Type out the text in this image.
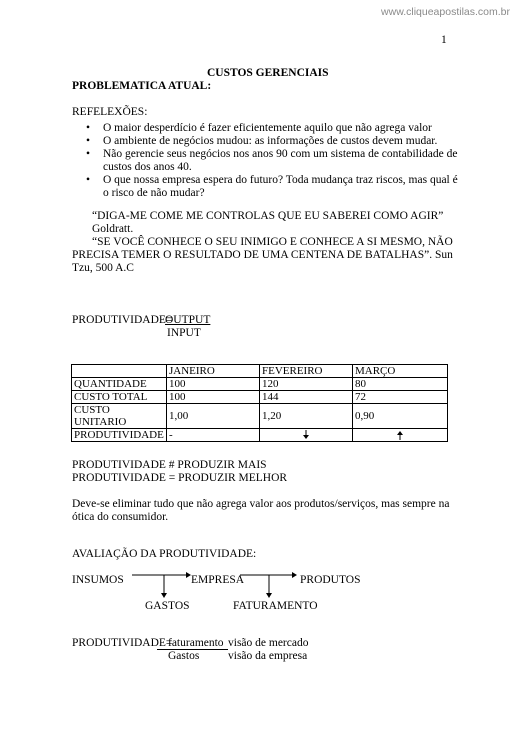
www.cliqueapostilas.com.br
1
CUSTOS GERENCIAIS
PROBLEMATICA ATUAL:
REFELEXÕES:
• O maior desperdício é fazer eficientemente aquilo que não agrega valor
• O ambiente de negócios mudou: as informações de custos devem mudar.
• Não gerencie seus negócios nos anos 90 com um sistema de contabilidade de custos dos anos 40.
• O que nossa empresa espera do futuro? Toda mudança traz riscos, mas qual é o risco de não mudar?
“DIGA-ME COME ME CONTROLAS QUE EU SABEREI COMO AGIR” Goldratt.
“SE VOCÊ CONHECE O SEU INIMIGO E CONHECE A SI MESMO, NÃO PRECISA TEMER O RESULTADO DE UMA CENTENA DE BATALHAS”. Sun Tzu, 500 A.C
PRODUTIVIDADE=
OUTPUT
INPUT
	JANEIRO	FEVEREIRO	MARÇO
QUANTIDADE	100	120	80
CUSTO TOTAL	100	144	72
CUSTO UNITARIO	1,00	1,20	0,90
PRODUTIVIDADE	-		
PRODUTIVIDADE # PRODUZIR MAIS
PRODUTIVIDADE = PRODUZIR MELHOR
Deve-se eliminar tudo que não agrega valor aos produtos/serviços, mas sempre na ótica do consumidor.
AVALIAÇÃO DA PRODUTIVIDADE:
INSUMOS	EMPRESA	PRODUTOS
GASTOS	FATURAMENTO
PRODUTIVIDADE=
faturamento visão de mercado
Gastos visão da empresa
